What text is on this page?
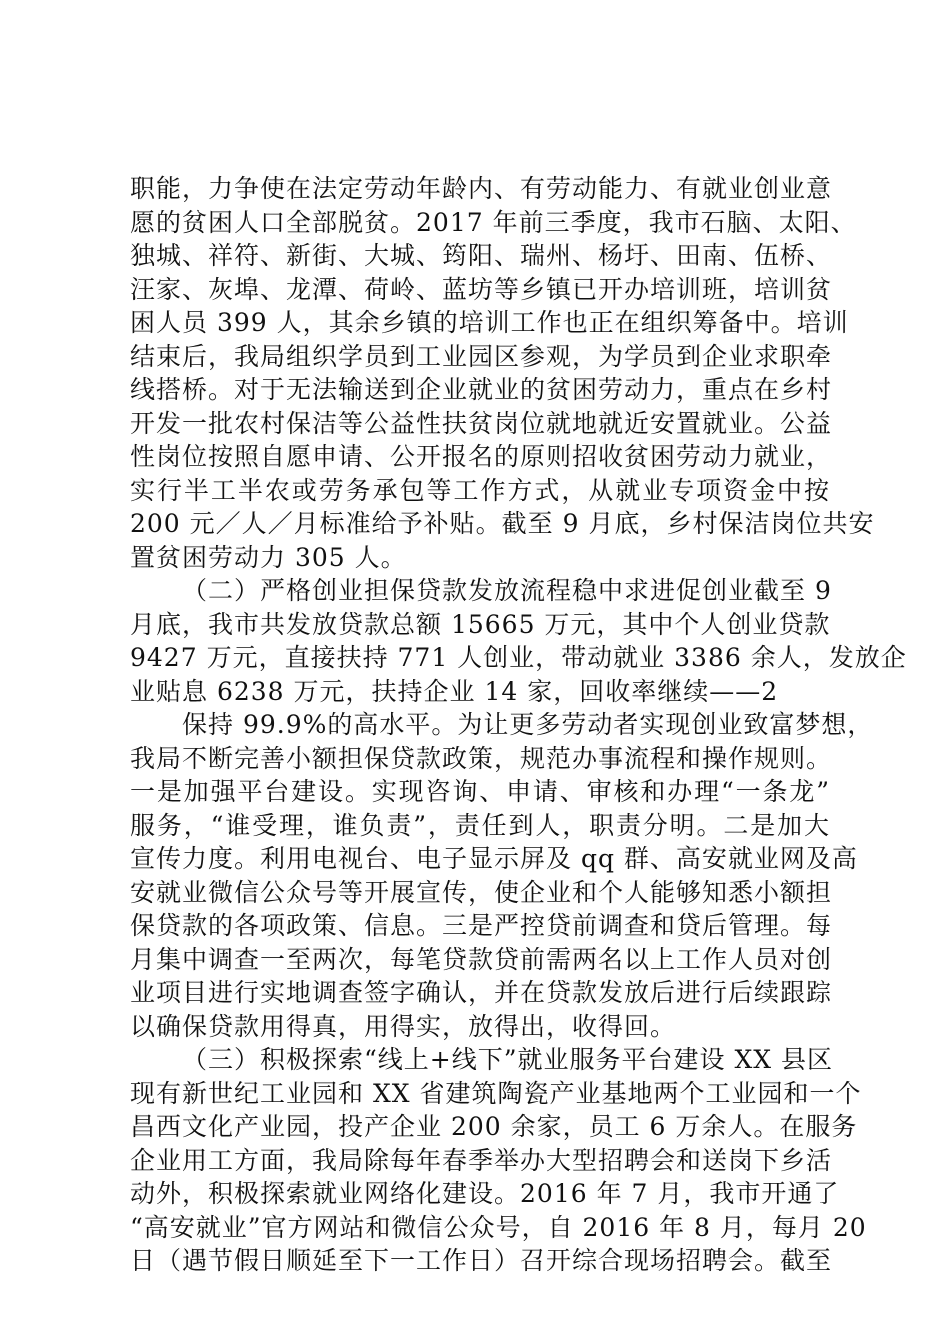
职能，力争使在法定劳动年龄内、有劳动能力、有就业创业意
愿的贫困人口全部脱贫。2017 年前三季度，我市石脑、太阳、
独城、祥符、新街、大城、筠阳、瑞州、杨圩、田南、伍桥、
汪家、灰埠、龙潭、荷岭、蓝坊等乡镇已开办培训班，培训贫
困人员 399 人，其余乡镇的培训工作也正在组织筹备中。培训
结束后，我局组织学员到工业园区参观，为学员到企业求职牵
线搭桥。对于无法输送到企业就业的贫困劳动力，重点在乡村
开发一批农村保洁等公益性扶贫岗位就地就近安置就业。公益
性岗位按照自愿申请、公开报名的原则招收贫困劳动力就业，
实行半工半农或劳务承包等工作方式，从就业专项资金中按
200 元／人／月标准给予补贴。截至 9 月底，乡村保洁岗位共安
置贫困劳动力 305 人。
（二）严格创业担保贷款发放流程稳中求进促创业截至 9
月底，我市共发放贷款总额 15665 万元，其中个人创业贷款
9427 万元，直接扶持 771 人创业，带动就业 3386 余人，发放企
业贴息 6238 万元，扶持企业 14 家，回收率继续——2
保持 99.9%的高水平。为让更多劳动者实现创业致富梦想，
我局不断完善小额担保贷款政策，规范办事流程和操作规则。
一是加强平台建设。实现咨询、申请、审核和办理“一条龙”
服务，“谁受理，谁负责”，责任到人，职责分明。二是加大
宣传力度。利用电视台、电子显示屏及 qq 群、高安就业网及高
安就业微信公众号等开展宣传，使企业和个人能够知悉小额担
保贷款的各项政策、信息。三是严控贷前调查和贷后管理。每
月集中调查一至两次，每笔贷款贷前需两名以上工作人员对创
业项目进行实地调查签字确认，并在贷款发放后进行后续跟踪
以确保贷款用得真，用得实，放得出，收得回。
（三）积极探索“线上+线下”就业服务平台建设 XX 县区
现有新世纪工业园和 XX 省建筑陶瓷产业基地两个工业园和一个
昌西文化产业园，投产企业 200 余家，员工 6 万余人。在服务
企业用工方面，我局除每年春季举办大型招聘会和送岗下乡活
动外，积极探索就业网络化建设。2016 年 7 月，我市开通了
“高安就业”官方网站和微信公众号，自 2016 年 8 月，每月 20
日（遇节假日顺延至下一工作日）召开综合现场招聘会。截至
